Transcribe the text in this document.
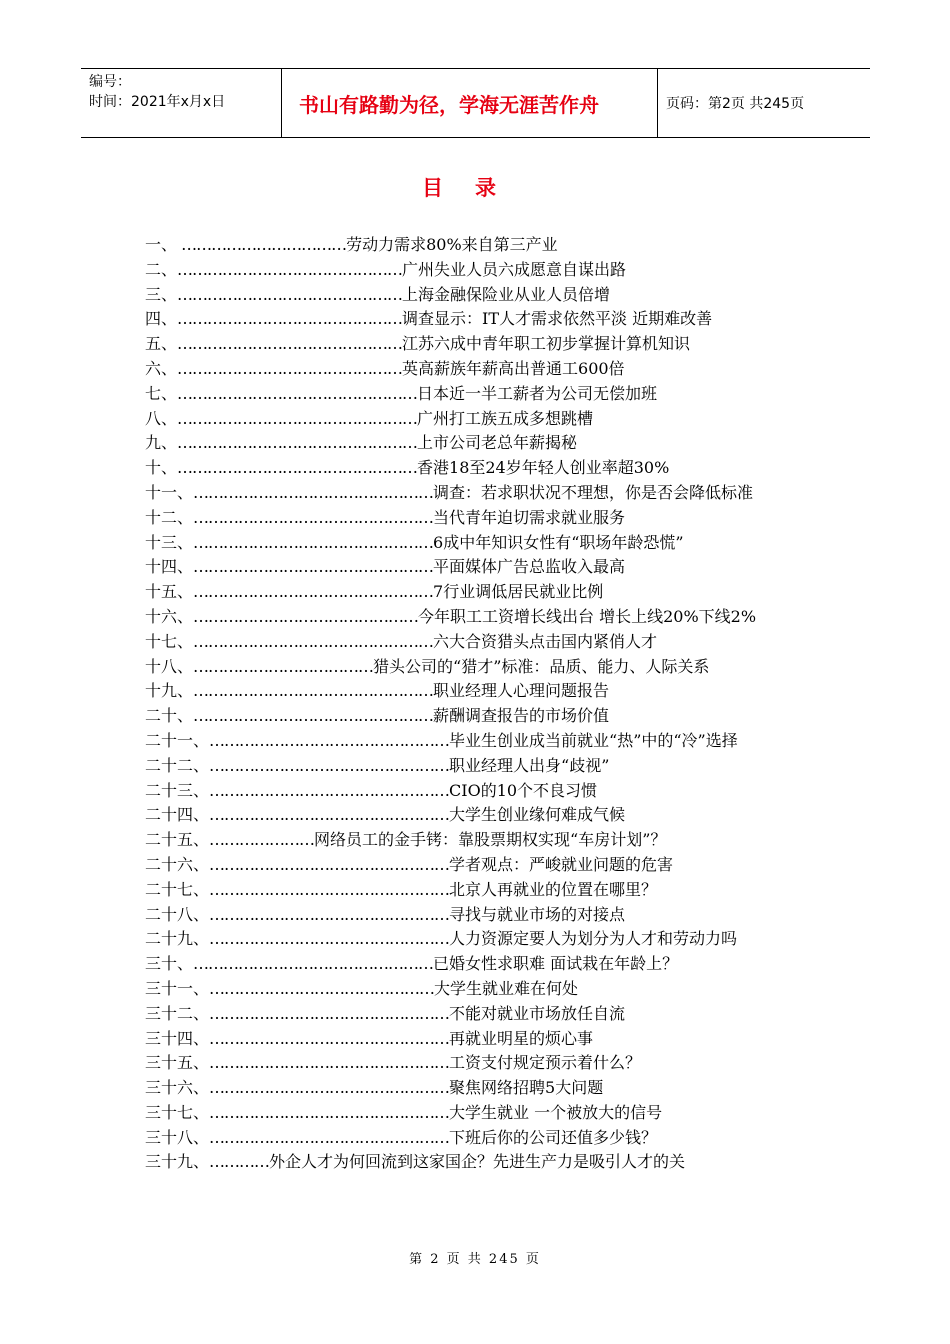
编号：
时间：2021年x月x日	书山有路勤为径，学海无涯苦作舟	页码：第2页 共245页
目录
一、 ……………………………劳动力需求80%来自第三产业
二、………………………………………广州失业人员六成愿意自谋出路
三、………………………………………上海金融保险业从业人员倍增
四、………………………………………调查显示：IT人才需求依然平淡 近期难改善
五、………………………………………江苏六成中青年职工初步掌握计算机知识
六、………………………………………英高薪族年薪高出普通工600倍
七、…………………………………………日本近一半工薪者为公司无偿加班
八、…………………………………………广州打工族五成多想跳槽
九、…………………………………………上市公司老总年薪揭秘
十、…………………………………………香港18至24岁年轻人创业率超30%
十一、…………………………………………调查：若求职状况不理想，你是否会降低标准
十二、…………………………………………当代青年迫切需求就业服务
十三、…………………………………………6成中年知识女性有“职场年龄恐慌”
十四、…………………………………………平面媒体广告总监收入最高
十五、…………………………………………7行业调低居民就业比例
十六、………………………………………今年职工工资增长线出台 增长上线20%下线2%
十七、…………………………………………六大合资猎头点击国内紧俏人才
十八、………………………………猎头公司的“猎才”标准：品质、能力、人际关系
十九、…………………………………………职业经理人心理问题报告
二十、…………………………………………薪酬调查报告的市场价值
二十一、…………………………………………毕业生创业成当前就业“热”中的“冷”选择
二十二、…………………………………………职业经理人出身“歧视”
二十三、…………………………………………CIO的10个不良习惯
二十四、…………………………………………大学生创业缘何难成气候
二十五、…………………网络员工的金手铐：靠股票期权实现“车房计划”？
二十六、…………………………………………学者观点：严峻就业问题的危害
二十七、…………………………………………北京人再就业的位置在哪里？
二十八、…………………………………………寻找与就业市场的对接点
二十九、…………………………………………人力资源定要人为划分为人才和劳动力吗
三十、…………………………………………已婚女性求职难 面试栽在年龄上？
三十一、………………………………………大学生就业难在何处
三十二、…………………………………………不能对就业市场放任自流
三十四、…………………………………………再就业明星的烦心事
三十五、…………………………………………工资支付规定预示着什么？
三十六、…………………………………………聚焦网络招聘5大问题
三十七、…………………………………………大学生就业 一个被放大的信号
三十八、…………………………………………下班后你的公司还值多少钱？
三十九、…………外企人才为何回流到这家国企？先进生产力是吸引人才的关
第 2 页 共 245 页
